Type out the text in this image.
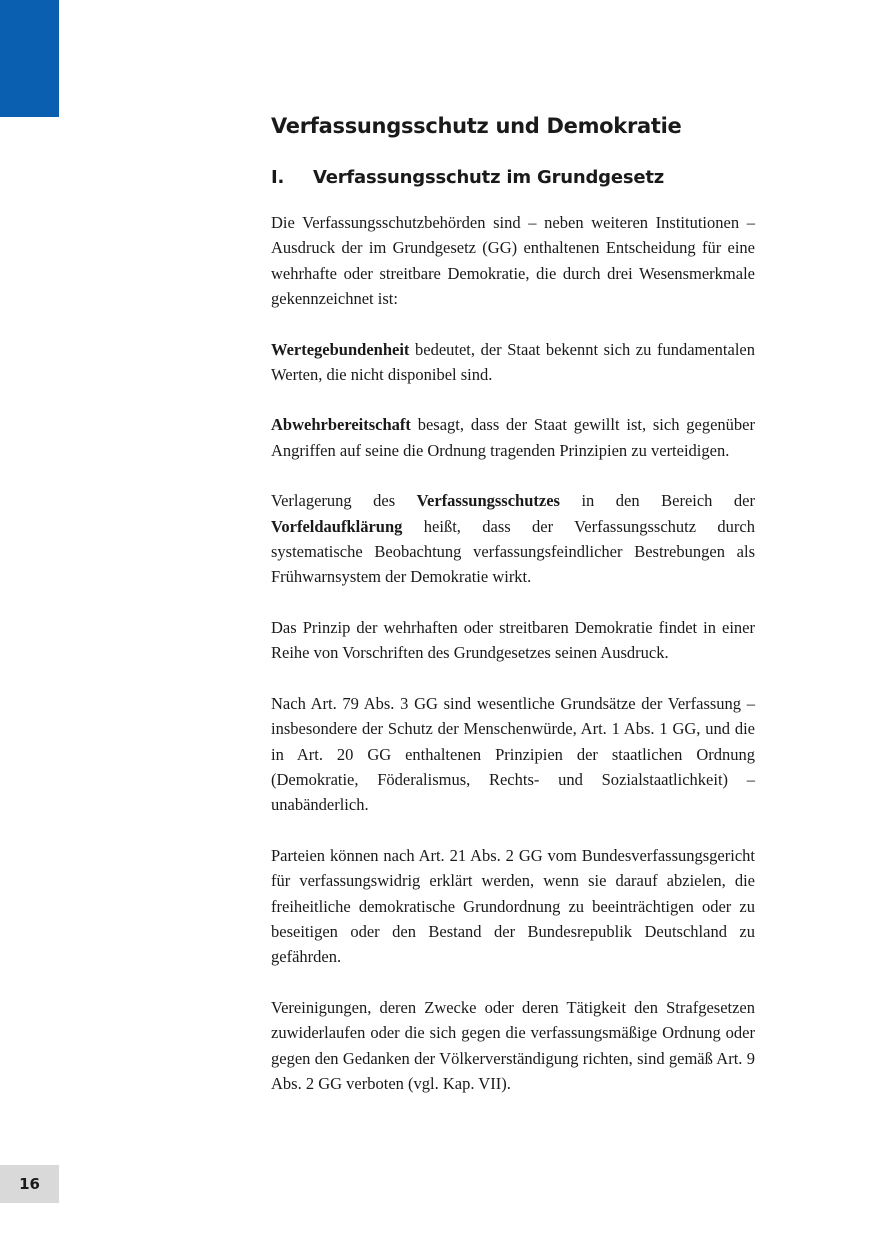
16
Verfassungsschutz und Demokratie
I.	Verfassungsschutz im Grundgesetz

Die Verfassungsschutzbehörden sind – neben weiteren Institutionen – Ausdruck der im Grundgesetz (GG) enthaltenen Entscheidung für eine wehrhafte oder streitbare Demokratie, die durch drei Wesensmerkmale gekennzeichnet ist:

Wertegebundenheit bedeutet, der Staat bekennt sich zu fundamentalen Werten, die nicht disponibel sind.

Abwehrbereitschaft besagt, dass der Staat gewillt ist, sich gegenüber Angriffen auf seine die Ordnung tragenden Prinzipien zu verteidigen.

Verlagerung des Verfassungsschutzes in den Bereich der Vorfeldaufklärung heißt, dass der Verfassungsschutz durch systematische Beobachtung verfassungsfeindlicher Bestrebungen als Frühwarnsystem der Demokratie wirkt.

Das Prinzip der wehrhaften oder streitbaren Demokratie findet in einer Reihe von Vorschriften des Grundgesetzes seinen Ausdruck.

Nach Art. 79 Abs. 3 GG sind wesentliche Grundsätze der Verfassung – insbesondere der Schutz der Menschenwürde, Art. 1 Abs. 1 GG, und die in Art. 20 GG enthaltenen Prinzipien der staatlichen Ordnung (Demokratie, Föderalismus, Rechts- und Sozialstaatlichkeit) – unabänderlich.

Parteien können nach Art. 21 Abs. 2 GG vom Bundesverfassungsgericht für verfassungswidrig erklärt werden, wenn sie darauf abzielen, die freiheitliche demokratische Grundordnung zu beeinträchtigen oder zu beseitigen oder den Bestand der Bundesrepublik Deutschland zu gefährden.

Vereinigungen, deren Zwecke oder deren Tätigkeit den Strafgesetzen zuwiderlaufen oder die sich gegen die verfassungsmäßige Ordnung oder gegen den Gedanken der Völkerverständigung richten, sind gemäß Art. 9 Abs. 2 GG verboten (vgl. Kap. VII).
